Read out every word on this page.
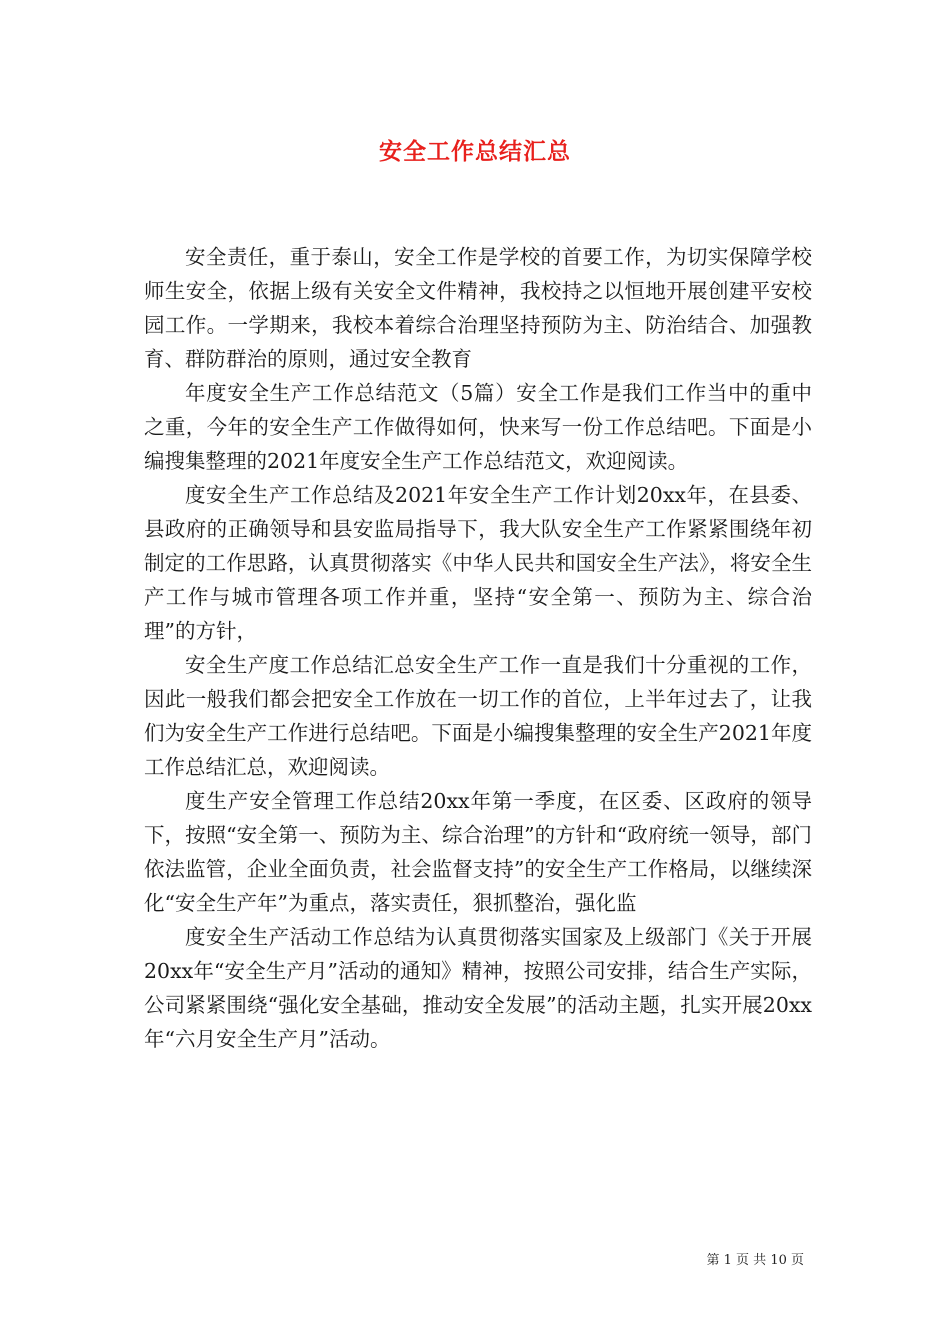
安全工作总结汇总

安全责任，重于泰山，安全工作是学校的首要工作，为切实保障学校师生安全，依据上级有关安全文件精神，我校持之以恒地开展创建平安校园工作。一学期来，我校本着综合治理坚持预防为主、防治结合、加强教育、群防群治的原则，通过安全教育

年度安全生产工作总结范文（5篇）安全工作是我们工作当中的重中之重，今年的安全生产工作做得如何，快来写一份工作总结吧。下面是小编搜集整理的2021年度安全生产工作总结范文，欢迎阅读。

度安全生产工作总结及2021年安全生产工作计划20xx年，在县委、县政府的正确领导和县安监局指导下，我大队安全生产工作紧紧围绕年初制定的工作思路，认真贯彻落实《中华人民共和国安全生产法》，将安全生产工作与城市管理各项工作并重，坚持“安全第一、预防为主、综合治理”的方针，

安全生产度工作总结汇总安全生产工作一直是我们十分重视的工作，因此一般我们都会把安全工作放在一切工作的首位，上半年过去了，让我们为安全生产工作进行总结吧。下面是小编搜集整理的安全生产2021年度工作总结汇总，欢迎阅读。

度生产安全管理工作总结20xx年第一季度，在区委、区政府的领导下，按照“安全第一、预防为主、综合治理”的方针和“政府统一领导，部门依法监管，企业全面负责，社会监督支持”的安全生产工作格局，以继续深化“安全生产年”为重点，落实责任，狠抓整治，强化监

度安全生产活动工作总结为认真贯彻落实国家及上级部门《关于开展20xx年“安全生产月”活动的通知》精神，按照公司安排，结合生产实际，公司紧紧围绕“强化安全基础，推动安全发展”的活动主题，扎实开展20xx年“六月安全生产月”活动。

第 1 页 共 10 页
